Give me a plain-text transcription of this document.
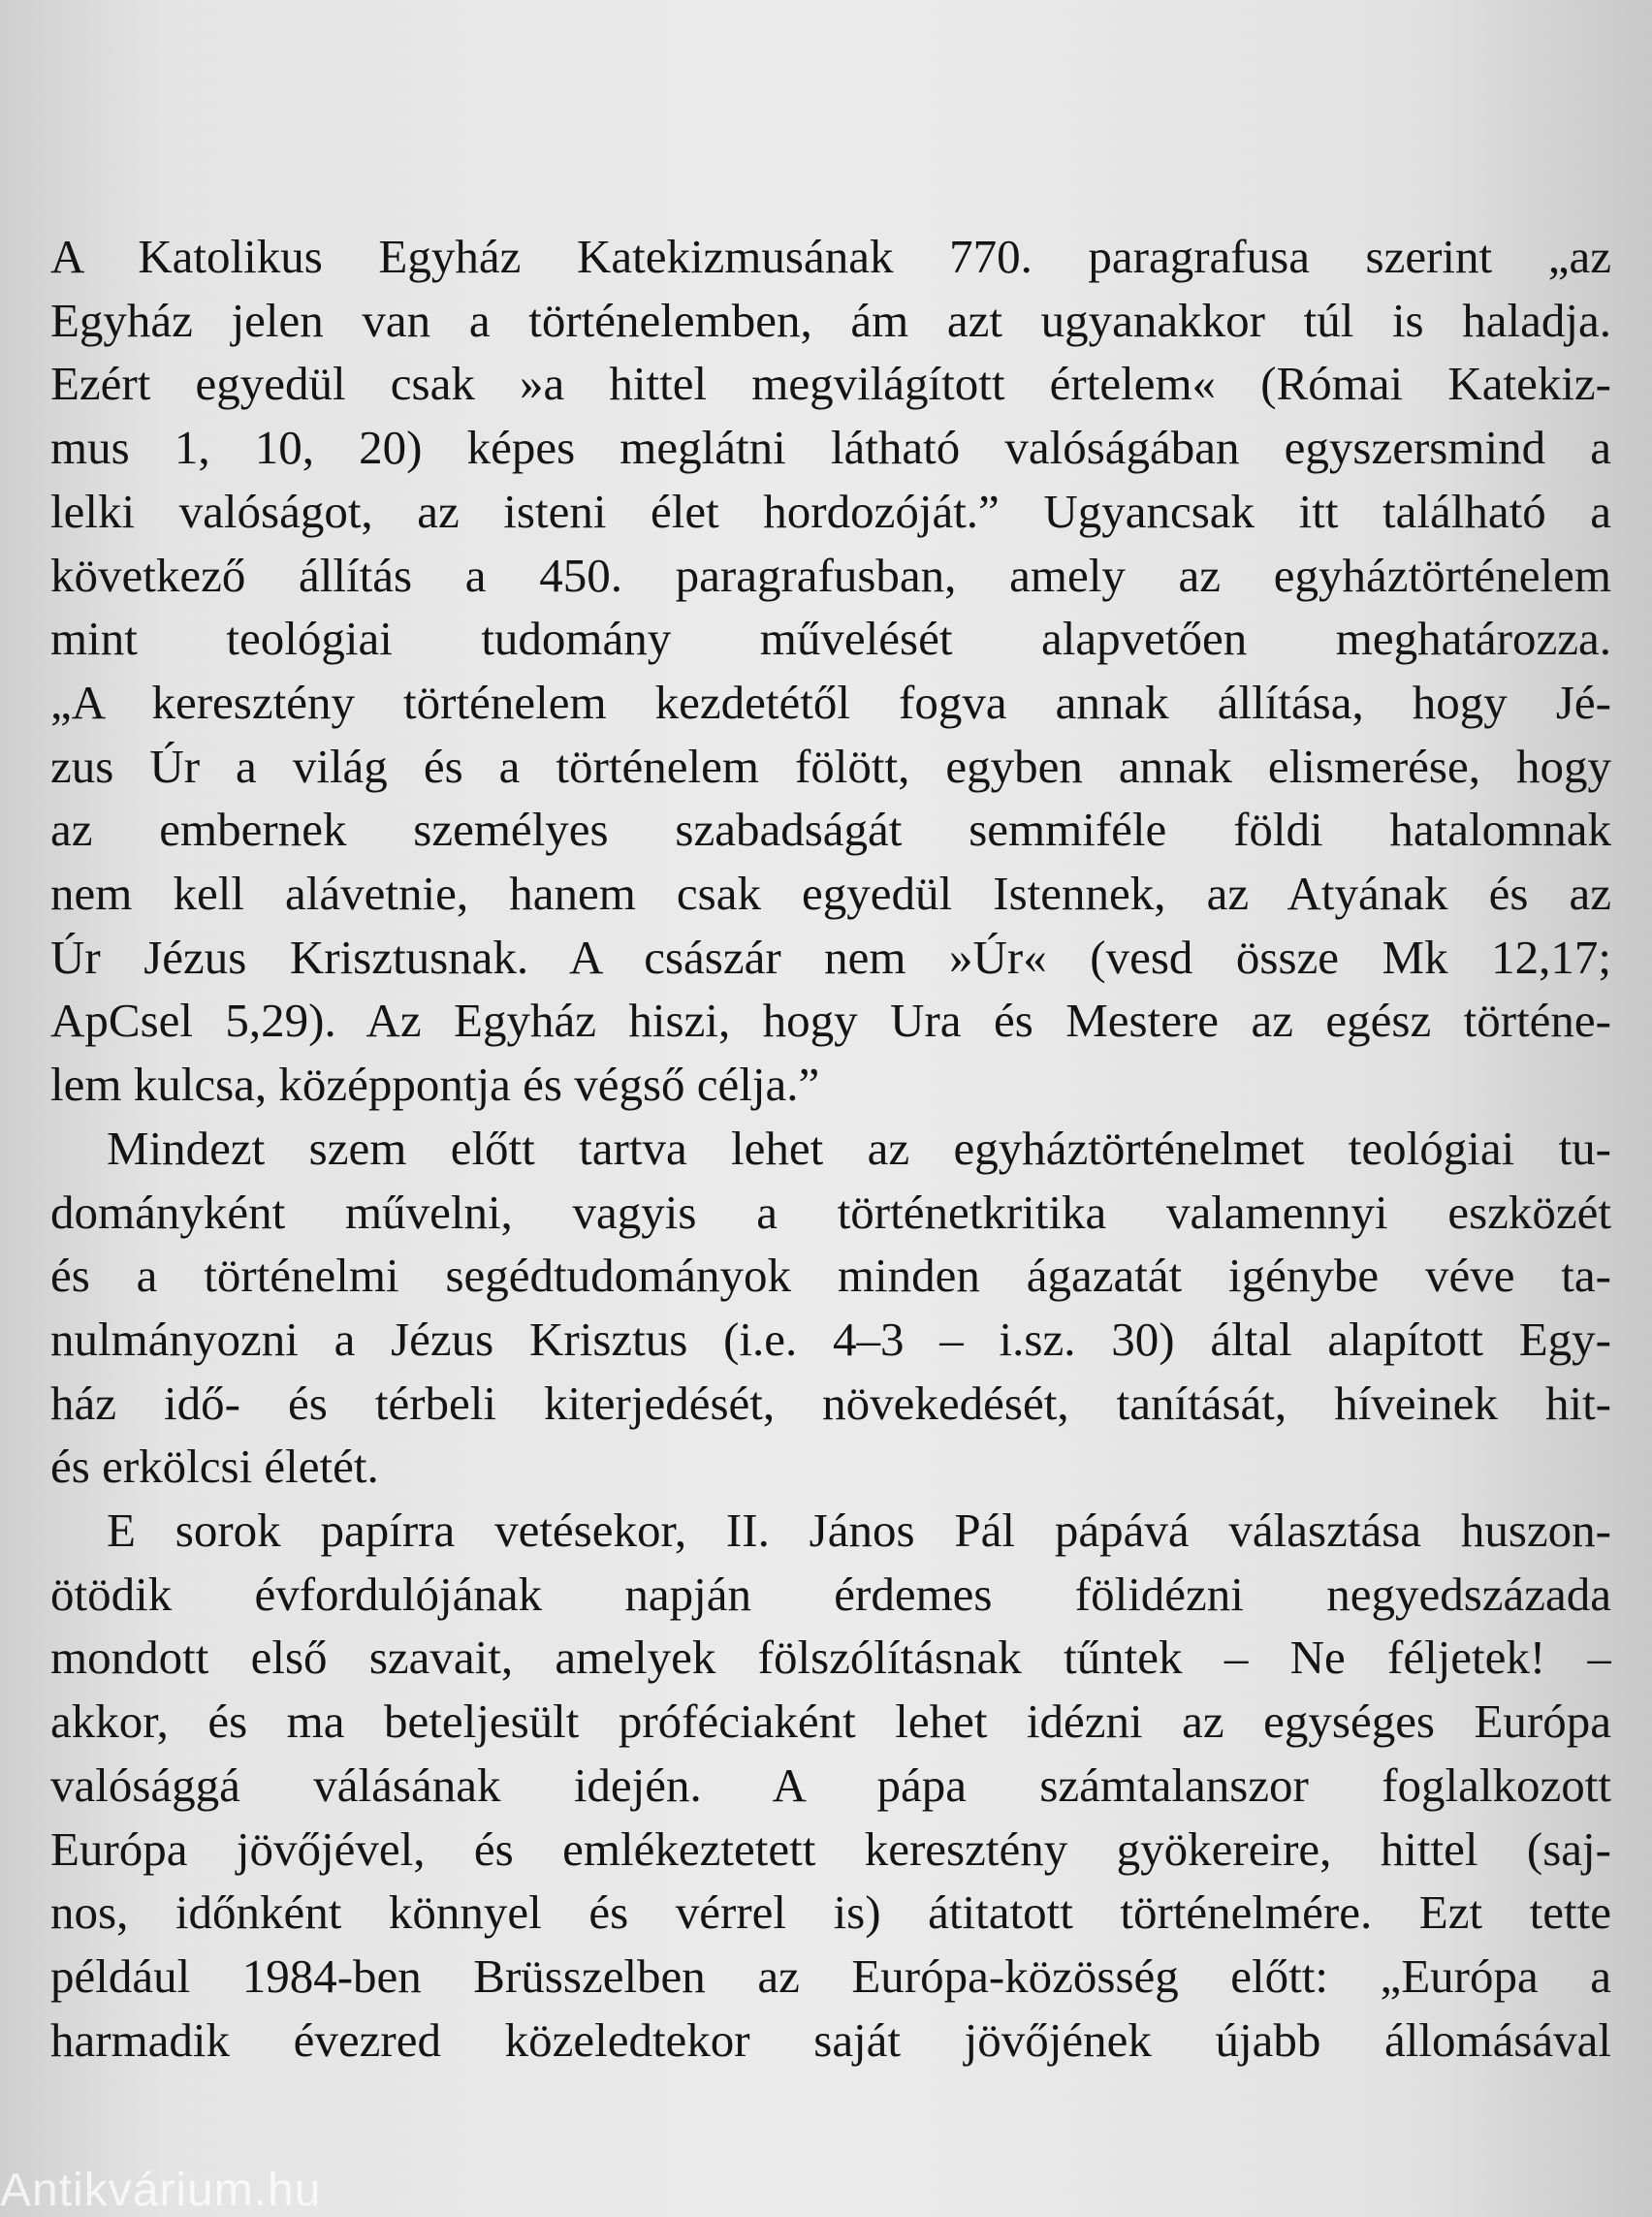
A Katolikus Egyház Katekizmusának 770. paragrafusa szerint „az
Egyház jelen van a történelemben, ám azt ugyanakkor túl is haladja.
Ezért egyedül csak »a hittel megvilágított értelem« (Római Katekiz-
mus 1, 10, 20) képes meglátni látható valóságában egyszersmind a
lelki valóságot, az isteni élet hordozóját.” Ugyancsak itt található a
következő állítás a 450. paragrafusban, amely az egyháztörténelem
mint teológiai tudomány művelését alapvetően meghatározza.
„A keresztény történelem kezdetétől fogva annak állítása, hogy Jé-
zus Úr a világ és a történelem fölött, egyben annak elismerése, hogy
az embernek személyes szabadságát semmiféle földi hatalomnak
nem kell alávetnie, hanem csak egyedül Istennek, az Atyának és az
Úr Jézus Krisztusnak. A császár nem »Úr« (vesd össze Mk 12,17;
ApCsel 5,29). Az Egyház hiszi, hogy Ura és Mestere az egész történe-
lem kulcsa, középpontja és végső célja.”
Mindezt szem előtt tartva lehet az egyháztörténelmet teológiai tu-
dományként művelni, vagyis a történetkritika valamennyi eszközét
és a történelmi segédtudományok minden ágazatát igénybe véve ta-
nulmányozni a Jézus Krisztus (i.e. 4–3 – i.sz. 30) által alapított Egy-
ház idő- és térbeli kiterjedését, növekedését, tanítását, híveinek hit-
és erkölcsi életét.
E sorok papírra vetésekor, II. János Pál pápává választása huszon-
ötödik évfordulójának napján érdemes fölidézni negyedszázada
mondott első szavait, amelyek fölszólításnak tűntek – Ne féljetek! –
akkor, és ma beteljesült próféciaként lehet idézni az egységes Európa
valósággá válásának idején. A pápa számtalanszor foglalkozott
Európa jövőjével, és emlékeztetett keresztény gyökereire, hittel (saj-
nos, időnként könnyel és vérrel is) átitatott történelmére. Ezt tette
például 1984-ben Brüsszelben az Európa-közösség előtt: „Európa a
harmadik évezred közeledtekor saját jövőjének újabb állomásával
Antikvárium.hu
